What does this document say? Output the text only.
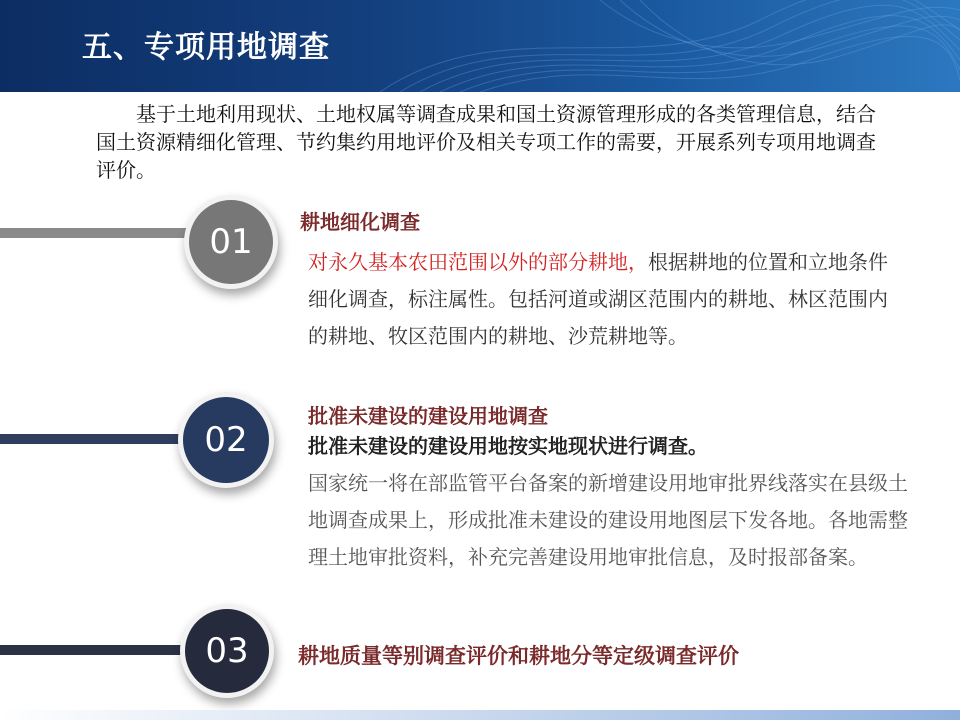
五、专项用地调查

基于土地利用现状、土地权属等调查成果和国土资源管理形成的各类管理信息，结合国土资源精细化管理、节约集约用地评价及相关专项工作的需要，开展系列专项用地调查评价。

01 耕地细化调查
对永久基本农田范围以外的部分耕地，根据耕地的位置和立地条件细化调查，标注属性。包括河道或湖区范围内的耕地、林区范围内的耕地、牧区范围内的耕地、沙荒耕地等。
02
批准未建设的建设用地调查
批准未建设的建设用地按实地现状进行调查。
国家统一将在部监管平台备案的新增建设用地审批界线落实在县级土地调查成果上，形成批准未建设的建设用地图层下发各地。各地需整理土地审批资料，补充完善建设用地审批信息，及时报部备案。
03 耕地质量等别调查评价和耕地分等定级调查评价
